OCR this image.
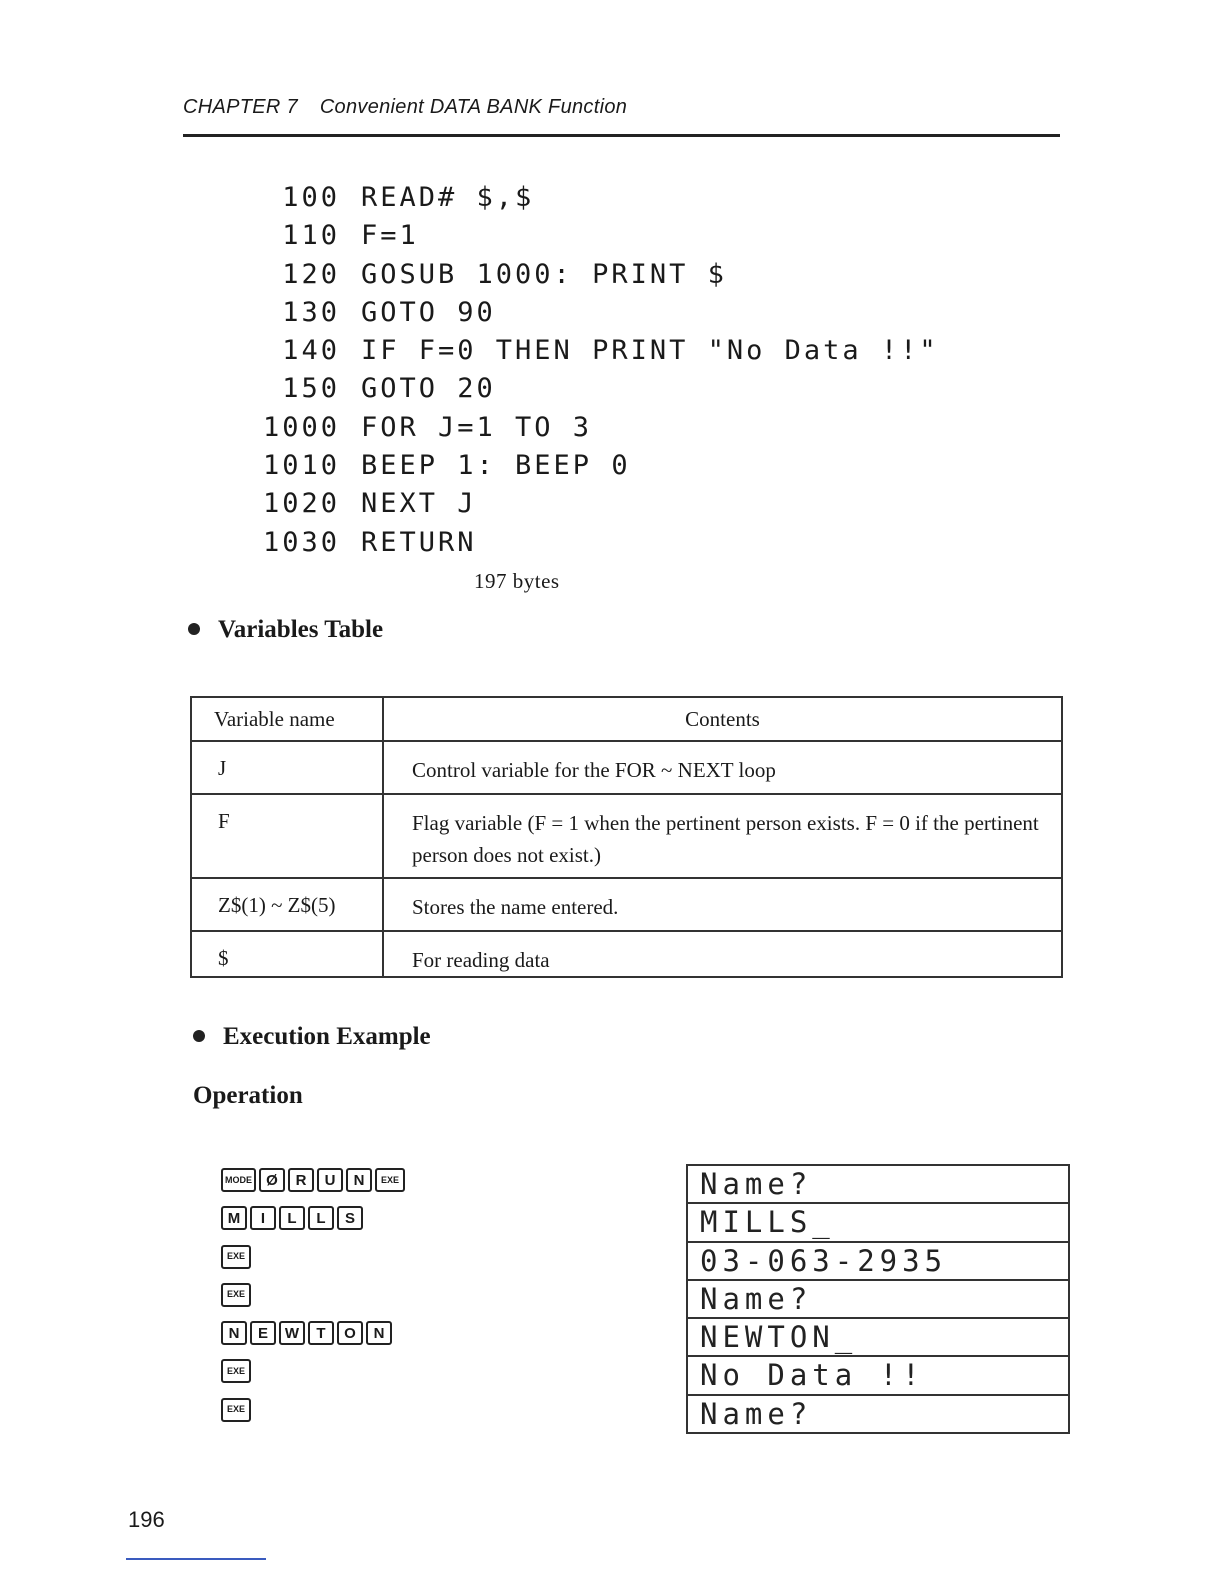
CHAPTER 7 Convenient DATA BANK Function
100 READ# $,$
110 F=1
120 GOSUB 1000: PRINT $
130 GOTO 90
140 IF F=0 THEN PRINT "No Data !!"
150 GOTO 20
1000 FOR J=1 TO 3
1010 BEEP 1: BEEP 0
1020 NEXT J
1030 RETURN
197 bytes
Variables Table
Variable name	Contents
J	Control variable for the FOR ~ NEXT loop
F	Flag variable (F = 1 when the pertinent person exists. F = 0 if the pertinent person does not exist.)
Z$(1) ~ Z$(5)	Stores the name entered.
$	For reading data
Execution Example
Operation
MODE Ø	R	U	N	EXE
M	I	L	L	S
EXE
EXE
N	E	W	T	O	N
EXE
EXE
Name?
MILLS_
03-063-2935
Name?
NEWTON_
No Data !!
Name?
196
